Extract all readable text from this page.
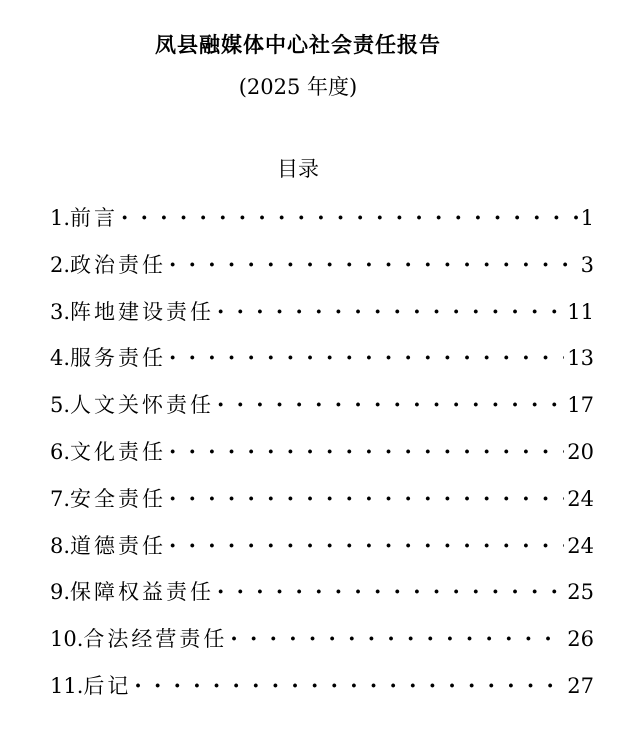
凤县融媒体中心社会责任报告
(2025 年度)
目录
1. 前言 · · ·	1
2. 政治责任 · · ·	3
3. 阵地建设责任 · · ·	11
4. 服务责任 · · ·	13
5. 人文关怀责任 · · ·	17
6. 文化责任 · · ·	20
7. 安全责任 · · ·	24
8. 道德责任 · · ·	24
9. 保障权益责任 · · ·	25
10. 合法经营责任 · · ·	26
11. 后记 · · ·	27
